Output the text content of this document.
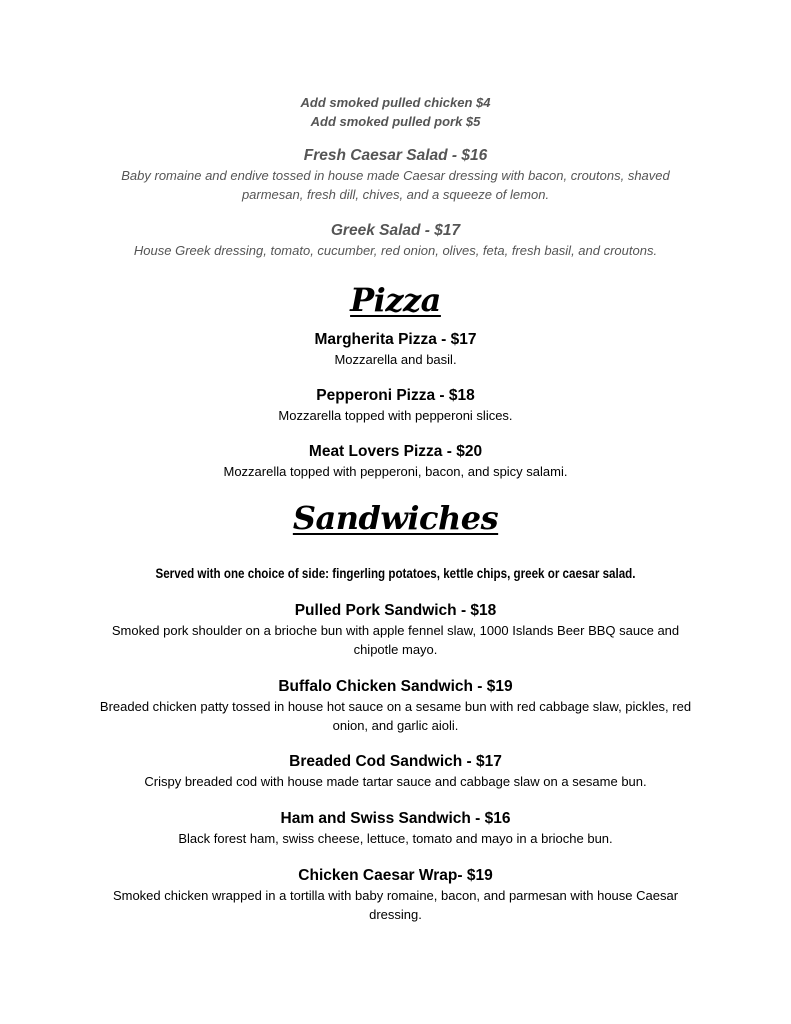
Add smoked pulled chicken $4
Add smoked pulled pork $5
Fresh Caesar Salad - $16
Baby romaine and endive tossed in house made Caesar dressing with bacon, croutons, shaved parmesan, fresh dill, chives, and a squeeze of lemon.
Greek Salad - $17
House Greek dressing, tomato, cucumber, red onion, olives, feta, fresh basil, and croutons.
Pizza
Margherita Pizza - $17
Mozzarella and basil.
Pepperoni Pizza - $18
Mozzarella topped with pepperoni slices.
Meat Lovers Pizza - $20
Mozzarella topped with pepperoni, bacon, and spicy salami.
Sandwiches
Served with one choice of side: fingerling potatoes, kettle chips, greek or caesar salad.
Pulled Pork Sandwich - $18
Smoked pork shoulder on a brioche bun with apple fennel slaw, 1000 Islands Beer BBQ sauce and chipotle mayo.
Buffalo Chicken Sandwich - $19
Breaded chicken patty tossed in house hot sauce on a sesame bun with red cabbage slaw, pickles, red onion, and garlic aioli.
Breaded Cod Sandwich - $17
Crispy breaded cod with house made tartar sauce and cabbage slaw on a sesame bun.
Ham and Swiss Sandwich - $16
Black forest ham, swiss cheese, lettuce, tomato and mayo in a brioche bun.
Chicken Caesar Wrap- $19
Smoked chicken wrapped in a tortilla with baby romaine, bacon, and parmesan with house Caesar dressing.
